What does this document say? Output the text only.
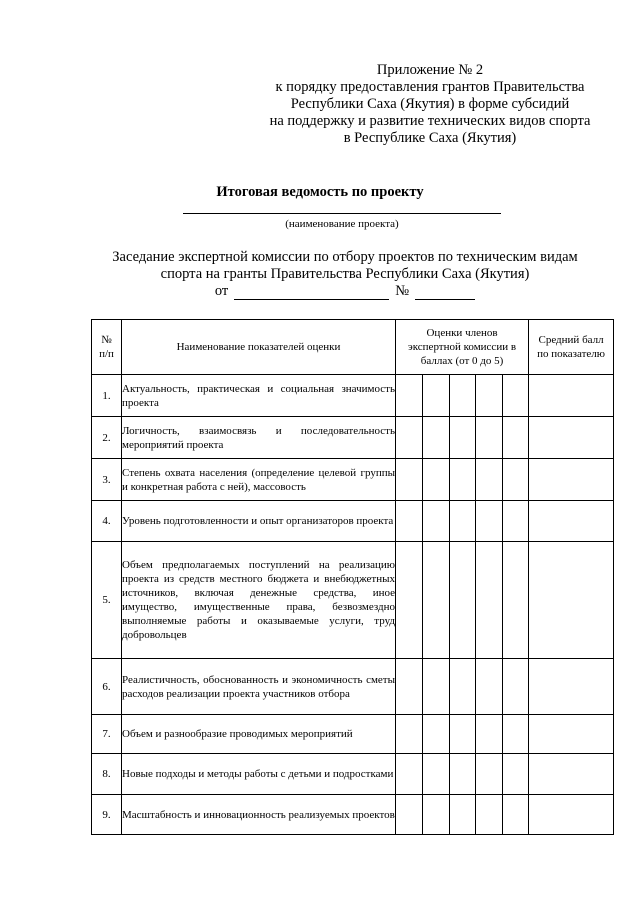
Приложение № 2
к порядку предоставления грантов Правительства
Республики Саха (Якутия) в форме субсидий
на поддержку и развитие технических видов спорта
в Республике Саха (Якутия)
Итоговая ведомость по проекту
(наименование проекта)
Заседание экспертной комиссии по отбору проектов по техническим видам
спорта на гранты Правительства Республики Саха (Якутия)
от	№
№ п/п	Наименование показателей оценки	Оценки членов экспертной комиссии в баллах (от 0 до 5)					Средний балл по показателю
1.	Актуальность, практическая и социальная значимость проекта						
2.	Логичность, взаимосвязь и последовательность мероприятий проекта						
3.	Степень охвата населения (определение целевой группы и конкретная работа с ней), массовость						
4.	Уровень подготовленности и опыт организаторов проекта						
5.	Объем предполагаемых поступлений на реализацию проекта из средств местного бюджета и внебюджетных источников, включая денежные средства, иное имущество, имущественные права, безвозмездно выполняемые работы и оказываемые услуги, труд добровольцев						
6.	Реалистичность, обоснованность и экономичность сметы расходов реализации проекта участников отбора						
7.	Объем и разнообразие проводимых мероприятий						
8.	Новые подходы и методы работы с детьми и подростками						
9.	Масштабность и инновационность реализуемых проектов						
